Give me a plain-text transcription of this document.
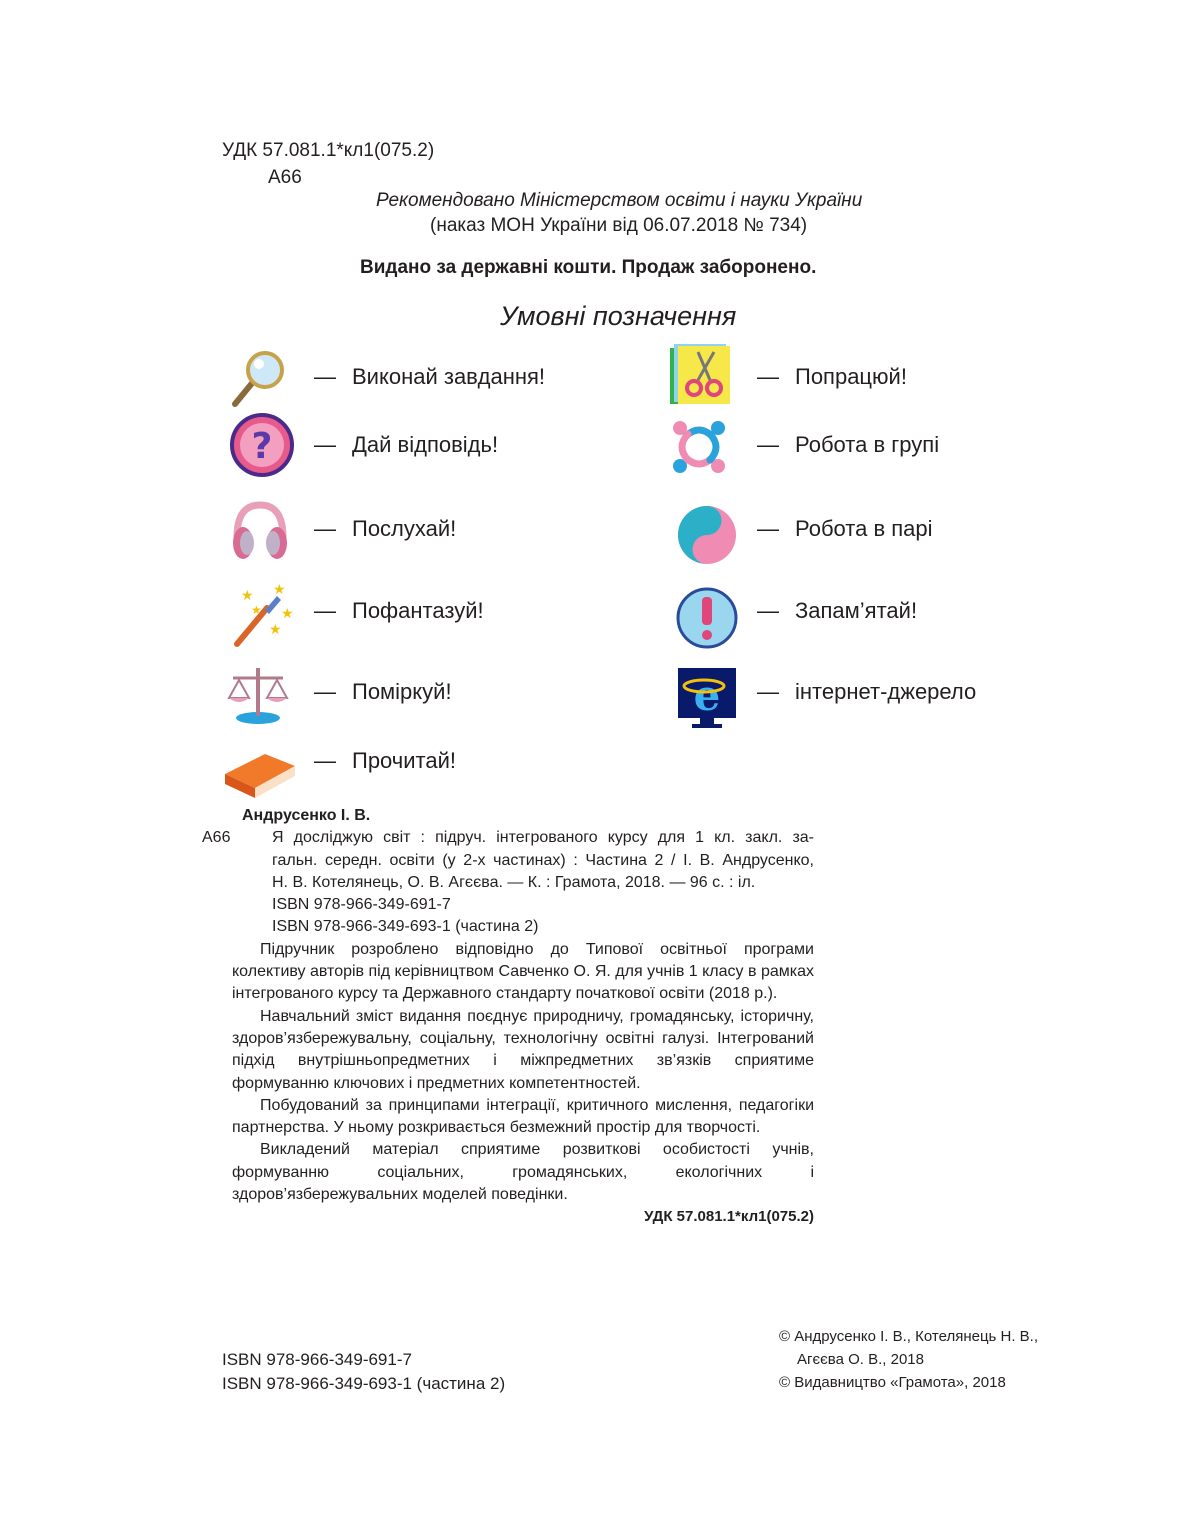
УДК 57.081.1*кл1(075.2)
А66
Рекомендовано Міністерством освіти і науки України
(наказ МОН України від 06.07.2018 № 734)
Видано за державні кошти. Продаж заборонено.
Умовні позначення
?
★ ★
★
★
★
e
— Виконай завдання!	— Попрацюй!
— Дай відповідь!	— Робота в групі
— Послухай!	— Робота в парі
— Пофантазуй!	— Запам’ятай!
— Поміркуй!	— інтернет-джерело
— Прочитай!
Андрусенко І. В.
А66	Я досліджую світ : підруч. інтегрованого курсу для 1 кл. закл. за-
гальн. середн. освіти (у 2-х частинах) : Частина 2 / І. В. Андрусенко,
Н. В. Котелянець, О. В. Агєєва. — К. : Грамота, 2018. — 96 с. : іл.
ISBN 978-966-349-691-7
ISBN 978-966-349-693-1 (частина 2)
Підручник розроблено відповідно до Типової освітньої програми колективу авторів під керівництвом Савченко О. Я. для учнів 1 класу в рамках інтегрованого курсу та Державного стандарту початкової освіти (2018 р.).
Навчальний зміст видання поєднує природничу, громадянську, історичну, здоров’язбережувальну, соціальну, технологічну освітні галузі. Інтегрований підхід внутрішньопредметних і міжпредметних зв’язків сприятиме формуванню ключових і предметних компетентностей.
Побудований за принципами інтеграції, критичного мислення, педагогіки партнерства. У ньому розкривається безмежний простір для творчості.
Викладений матеріал сприятиме розвиткові особистості учнів, формуванню соціальних, громадянських, екологічних і здоров’язбережувальних моделей поведінки.
УДК 57.081.1*кл1(075.2)
ISBN 978-966-349-691-7
ISBN 978-966-349-693-1 (частина 2)
© Андрусенко І. В., Котелянець Н. В.,
Агєєва О. В., 2018
© Видавництво «Грамота», 2018
